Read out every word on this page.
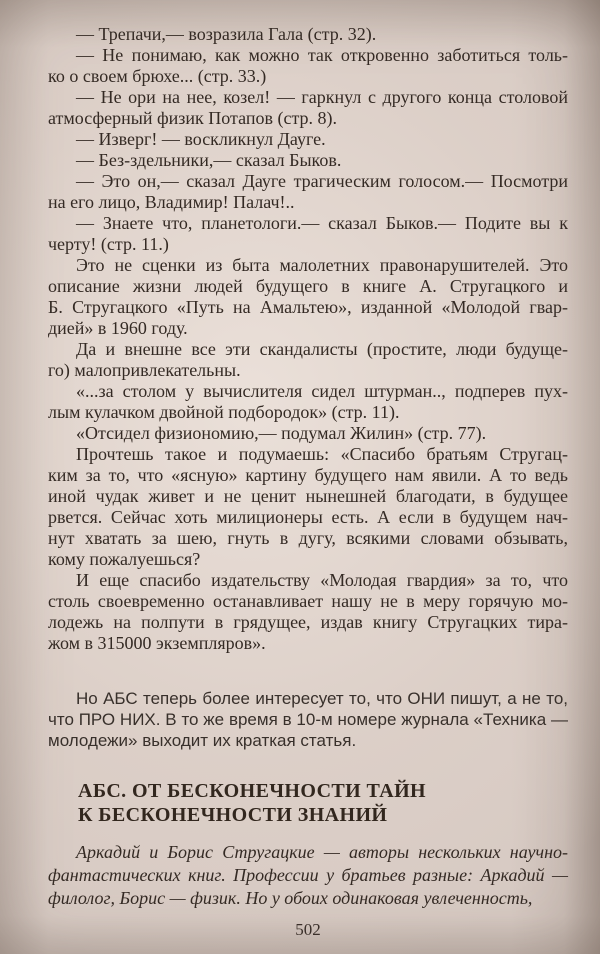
— Трепачи,— возразила Гала (стр. 32).
— Не понимаю, как можно так откровенно заботиться толь-
ко о своем брюхе... (стр. 33.)
— Не ори на нее, козел! — гаркнул с другого конца столовой
атмосферный физик Потапов (стр. 8).
— Изверг! — воскликнул Дауге.
— Без-здельники,— сказал Быков.
— Это он,— сказал Дауге трагическим голосом.— Посмотри
на его лицо, Владимир! Палач!..
— Знаете что, планетологи.— сказал Быков.— Подите вы к
черту! (стр. 11.)
Это не сценки из быта малолетних правонарушителей. Это
описание жизни людей будущего в книге А. Стругацкого и
Б. Стругацкого «Путь на Амальтею», изданной «Молодой гвар-
дией» в 1960 году.
Да и внешне все эти скандалисты (простите, люди будуще-
го) малопривлекательны.
«...за столом у вычислителя сидел штурман.., подперев пух-
лым кулачком двойной подбородок» (стр. 11).
«Отсидел физиономию,— подумал Жилин» (стр. 77).
Прочтешь такое и подумаешь: «Спасибо братьям Стругац-
ким за то, что «ясную» картину будущего нам явили. А то ведь
иной чудак живет и не ценит нынешней благодати, в будущее
рвется. Сейчас хоть милиционеры есть. А если в будущем нач-
нут хватать за шею, гнуть в дугу, всякими словами обзывать,
кому пожалуешься?
И еще спасибо издательству «Молодая гвардия» за то, что
столь своевременно останавливает нашу не в меру горячую мо-
лодежь на полпути в грядущее, издав книгу Стругацких тира-
жом в 315000 экземпляров».
Но АБС теперь более интересует то, что ОНИ пишут, а не то,
что ПРО НИХ. В то же время в 10-м номере журнала «Техника —
молодежи» выходит их краткая статья.
АБС. ОТ БЕСКОНЕЧНОСТИ ТАЙН
К БЕСКОНЕЧНОСТИ ЗНАНИЙ
Аркадий и Борис Стругацкие — авторы нескольких научно-
фантастических книг. Профессии у братьев разные: Аркадий —
филолог, Борис — физик. Но у обоих одинаковая увлеченность,
502
